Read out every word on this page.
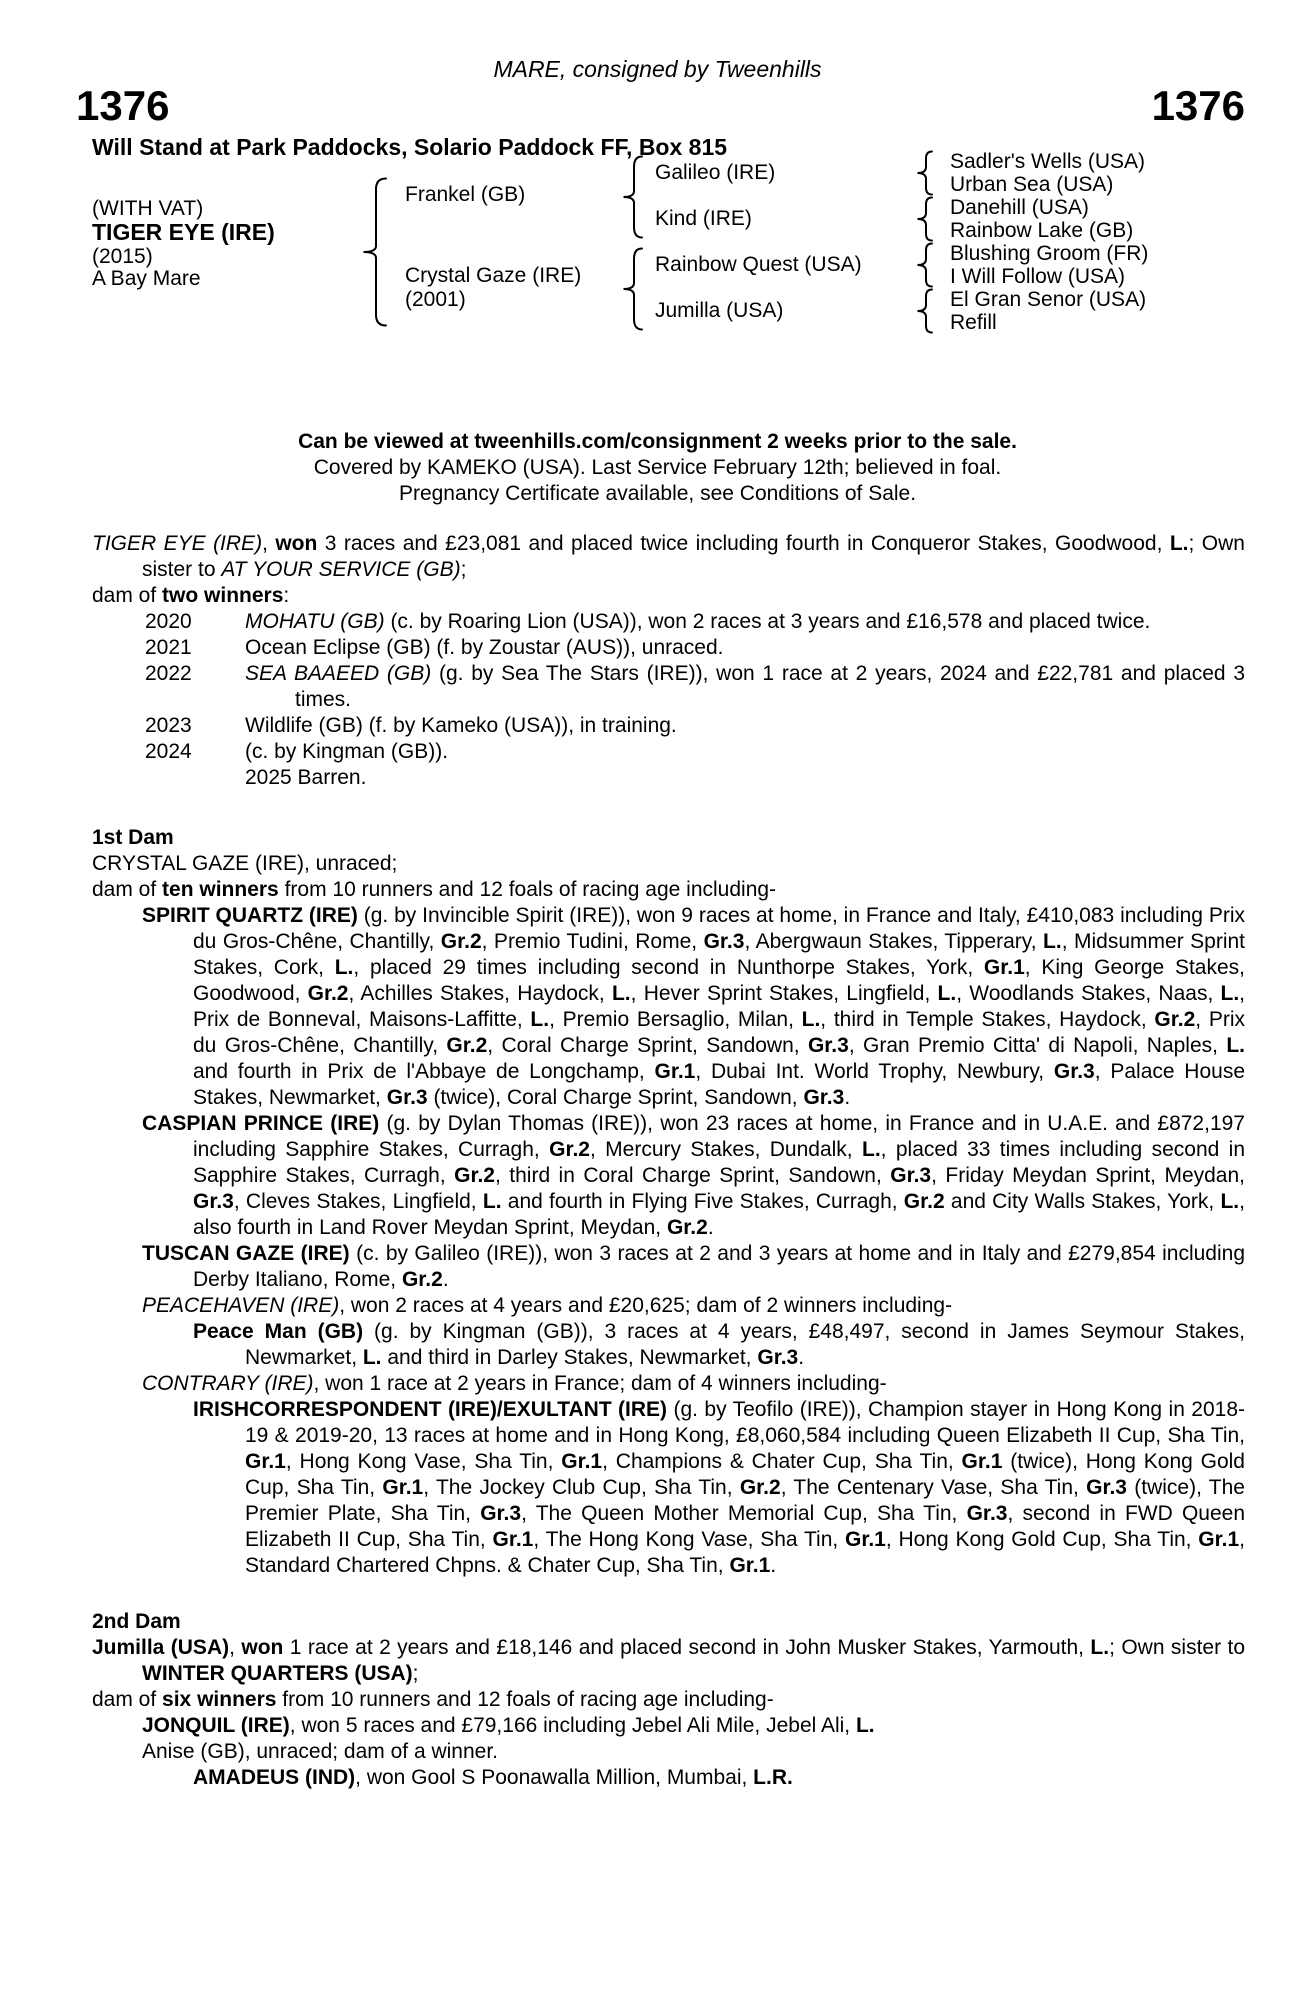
MARE, consigned by Tweenhills
1376	1376
Will Stand at Park Paddocks, Solario Paddock FF, Box 815
(WITH VAT)
TIGER EYE (IRE)
(2015)
A Bay Mare
Frankel (GB)
Crystal Gaze (IRE)
(2001)
Galileo (IRE)
Kind (IRE)
Rainbow Quest (USA)
Jumilla (USA)
Sadler's Wells (USA)
Urban Sea (USA)
Danehill (USA)
Rainbow Lake (GB)
Blushing Groom (FR)
I Will Follow (USA)
El Gran Senor (USA)
Refill
Can be viewed at tweenhills.com/consignment 2 weeks prior to the sale.
Covered by KAMEKO (USA). Last Service February 12th; believed in foal.
Pregnancy Certificate available, see Conditions of Sale.
TIGER EYE (IRE), won 3 races and £23,081 and placed twice including fourth in Conqueror Stakes, Goodwood, L.; Own sister to AT YOUR SERVICE (GB);
dam of two winners:
2020	MOHATU (GB) (c. by Roaring Lion (USA)), won 2 races at 3 years and £16,578 and placed twice.
2021	Ocean Eclipse (GB) (f. by Zoustar (AUS)), unraced.
2022	SEA BAAEED (GB) (g. by Sea The Stars (IRE)), won 1 race at 2 years, 2024 and £22,781 and placed 3 times.
2023	Wildlife (GB) (f. by Kameko (USA)), in training.
2024	(c. by Kingman (GB)).
2025 Barren.
1st Dam
CRYSTAL GAZE (IRE), unraced;
dam of ten winners from 10 runners and 12 foals of racing age including-
SPIRIT QUARTZ (IRE) (g. by Invincible Spirit (IRE)), won 9 races at home, in France and Italy, £410,083 including Prix du Gros-Chêne, Chantilly, Gr.2, Premio Tudini, Rome, Gr.3, Abergwaun Stakes, Tipperary, L., Midsummer Sprint Stakes, Cork, L., placed 29 times including second in Nunthorpe Stakes, York, Gr.1, King George Stakes, Goodwood, Gr.2, Achilles Stakes, Haydock, L., Hever Sprint Stakes, Lingfield, L., Woodlands Stakes, Naas, L., Prix de Bonneval, Maisons-Laffitte, L., Premio Bersaglio, Milan, L., third in Temple Stakes, Haydock, Gr.2, Prix du Gros-Chêne, Chantilly, Gr.2, Coral Charge Sprint, Sandown, Gr.3, Gran Premio Citta' di Napoli, Naples, L. and fourth in Prix de l'Abbaye de Longchamp, Gr.1, Dubai Int. World Trophy, Newbury, Gr.3, Palace House Stakes, Newmarket, Gr.3 (twice), Coral Charge Sprint, Sandown, Gr.3.
CASPIAN PRINCE (IRE) (g. by Dylan Thomas (IRE)), won 23 races at home, in France and in U.A.E. and £872,197 including Sapphire Stakes, Curragh, Gr.2, Mercury Stakes, Dundalk, L., placed 33 times including second in Sapphire Stakes, Curragh, Gr.2, third in Coral Charge Sprint, Sandown, Gr.3, Friday Meydan Sprint, Meydan, Gr.3, Cleves Stakes, Lingfield, L. and fourth in Flying Five Stakes, Curragh, Gr.2 and City Walls Stakes, York, L., also fourth in Land Rover Meydan Sprint, Meydan, Gr.2.
TUSCAN GAZE (IRE) (c. by Galileo (IRE)), won 3 races at 2 and 3 years at home and in Italy and £279,854 including Derby Italiano, Rome, Gr.2.
PEACEHAVEN (IRE), won 2 races at 4 years and £20,625; dam of 2 winners including-
Peace Man (GB) (g. by Kingman (GB)), 3 races at 4 years, £48,497, second in James Seymour Stakes, Newmarket, L. and third in Darley Stakes, Newmarket, Gr.3.
CONTRARY (IRE), won 1 race at 2 years in France; dam of 4 winners including-
IRISHCORRESPONDENT (IRE)/EXULTANT (IRE) (g. by Teofilo (IRE)), Champion stayer in Hong Kong in 2018-19 & 2019-20, 13 races at home and in Hong Kong, £8,060,584 including Queen Elizabeth II Cup, Sha Tin, Gr.1, Hong Kong Vase, Sha Tin, Gr.1, Champions & Chater Cup, Sha Tin, Gr.1 (twice), Hong Kong Gold Cup, Sha Tin, Gr.1, The Jockey Club Cup, Sha Tin, Gr.2, The Centenary Vase, Sha Tin, Gr.3 (twice), The Premier Plate, Sha Tin, Gr.3, The Queen Mother Memorial Cup, Sha Tin, Gr.3, second in FWD Queen Elizabeth II Cup, Sha Tin, Gr.1, The Hong Kong Vase, Sha Tin, Gr.1, Hong Kong Gold Cup, Sha Tin, Gr.1, Standard Chartered Chpns. & Chater Cup, Sha Tin, Gr.1.
2nd Dam
Jumilla (USA), won 1 race at 2 years and £18,146 and placed second in John Musker Stakes, Yarmouth, L.; Own sister to WINTER QUARTERS (USA);
dam of six winners from 10 runners and 12 foals of racing age including-
JONQUIL (IRE), won 5 races and £79,166 including Jebel Ali Mile, Jebel Ali, L.
Anise (GB), unraced; dam of a winner.
AMADEUS (IND), won Gool S Poonawalla Million, Mumbai, L.R.
